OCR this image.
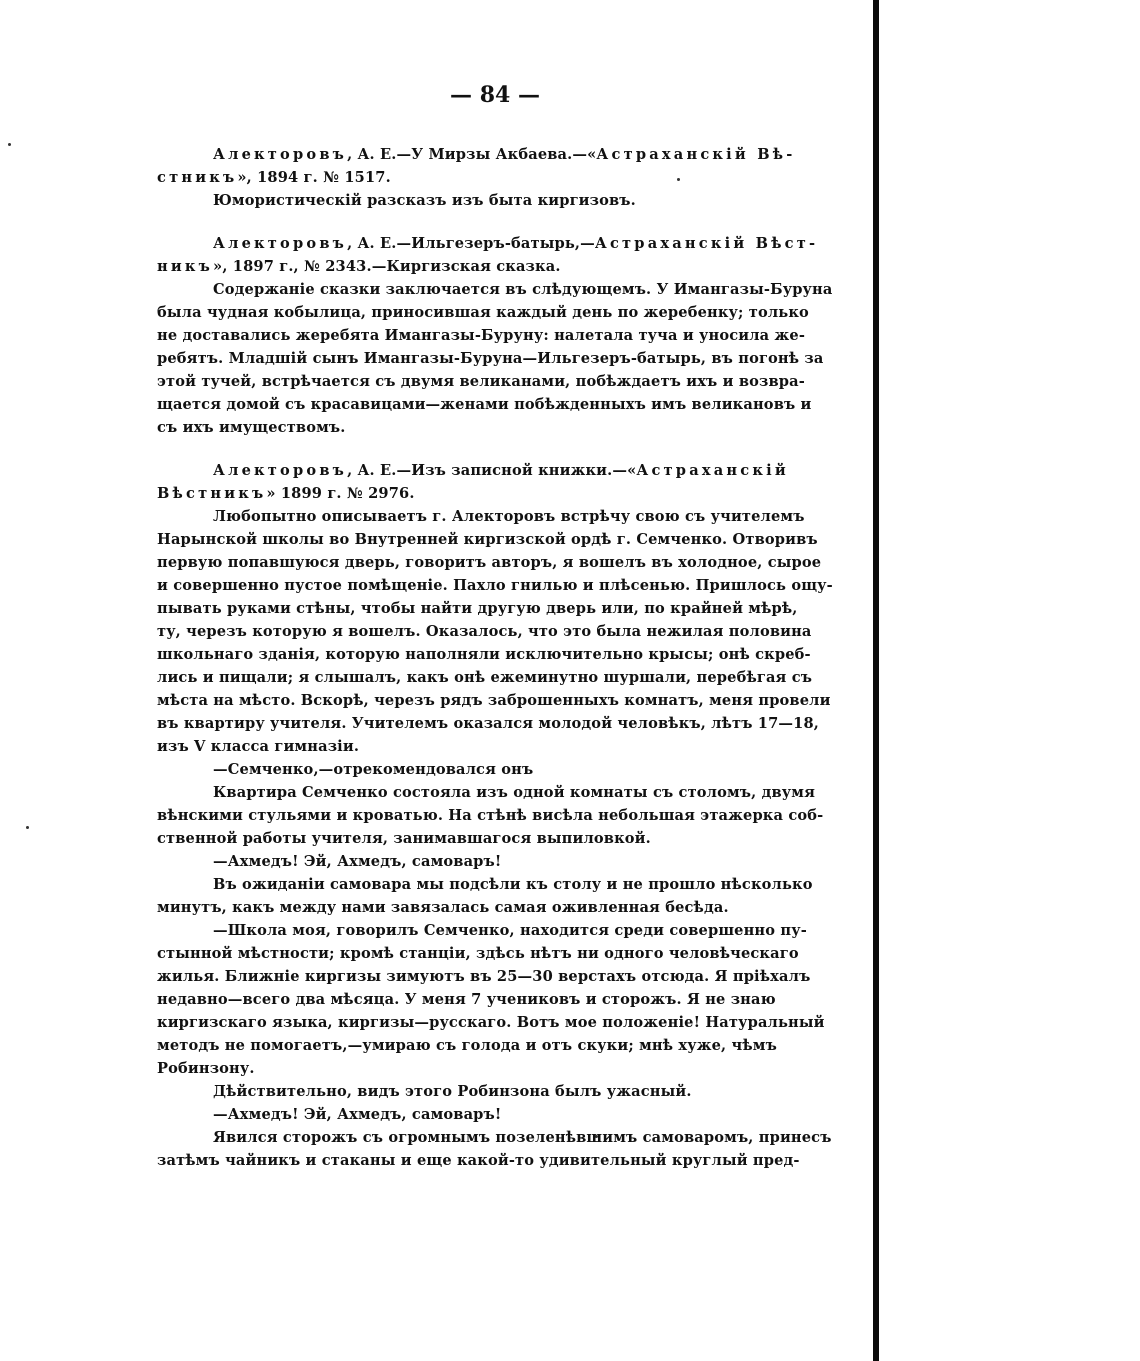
— 84 —
Алекторовъ, А. Е.—У Мирзы Акбаева.—«Астраханскій Вѣ-
стникъ», 1894 г. № 1517.
Юмористическій разсказъ изъ быта киргизовъ.
Алекторовъ, А. Е.—Ильгезеръ-батырь,—Астраханскій Вѣст-
никъ», 1897 г., № 2343.—Киргизская сказка.
Содержаніе сказки заключается въ слѣдующемъ. У Имангазы-Буруна
была чудная кобылица, приносившая каждый день по жеребенку; только
не доставались жеребята Имангазы-Буруну: налетала туча и уносила же-
ребятъ. Младшій сынъ Имангазы-Буруна—Ильгезеръ-батырь, въ погонѣ за
этой тучей, встрѣчается съ двумя великанами, побѣждаетъ ихъ и возвра-
щается домой съ красавицами—женами побѣжденныхъ имъ великановъ и
съ ихъ имуществомъ.
Алекторовъ, А. Е.—Изъ записной книжки.—«Астраханскій
Вѣстникъ» 1899 г. № 2976.
Любопытно описываетъ г. Алекторовъ встрѣчу свою съ учителемъ
Нарынской школы во Внутренней киргизской ордѣ г. Семченко. Отворивъ
первую попавшуюся дверь, говоритъ авторъ, я вошелъ въ холодное, сырое
и совершенно пустое помѣщеніе. Пахло гнилью и плѣсенью. Пришлось ощу-
пывать руками стѣны, чтобы найти другую дверь или, по крайней мѣрѣ,
ту, черезъ которую я вошелъ. Оказалось, что это была нежилая половина
школьнаго зданія, которую наполняли исключительно крысы; онѣ скреб-
лись и пищали; я слышалъ, какъ онѣ ежеминутно шуршали, перебѣгая съ
мѣста на мѣсто. Вскорѣ, черезъ рядъ заброшенныхъ комнатъ, меня провели
въ квартиру учителя. Учителемъ оказался молодой человѣкъ, лѣтъ 17—18,
изъ V класса гимназіи.
—Семченко,—отрекомендовался онъ
Квартира Семченко состояла изъ одной комнаты съ столомъ, двумя
вѣнскими стульями и кроватью. На стѣнѣ висѣла небольшая этажерка соб-
ственной работы учителя, занимавшагося выпиловкой.
—Ахмедъ! Эй, Ахмедъ, самоваръ!
Въ ожиданіи самовара мы подсѣли къ столу и не прошло нѣсколько
минутъ, какъ между нами завязалась самая оживленная бесѣда.
—Школа моя, говорилъ Семченко, находится среди совершенно пу-
стынной мѣстности; кромѣ станціи, здѣсь нѣтъ ни одного человѣческаго
жилья. Ближніе киргизы зимуютъ въ 25—30 верстахъ отсюда. Я пріѣхалъ
недавно—всего два мѣсяца. У меня 7 учениковъ и сторожъ. Я не знаю
киргизскаго языка, киргизы—русскаго. Вотъ мое положеніе! Натуральный
методъ не помогаетъ,—умираю съ голода и отъ скуки; мнѣ хуже, чѣмъ
Робинзону.
Дѣйствительно, видъ этого Робинзона былъ ужасный.
—Ахмедъ! Эй, Ахмедъ, самоваръ!
Явился сторожъ съ огромнымъ позеленѣвшимъ самоваромъ, принесъ
затѣмъ чайникъ и стаканы и еще какой-то удивительный круглый пред-
